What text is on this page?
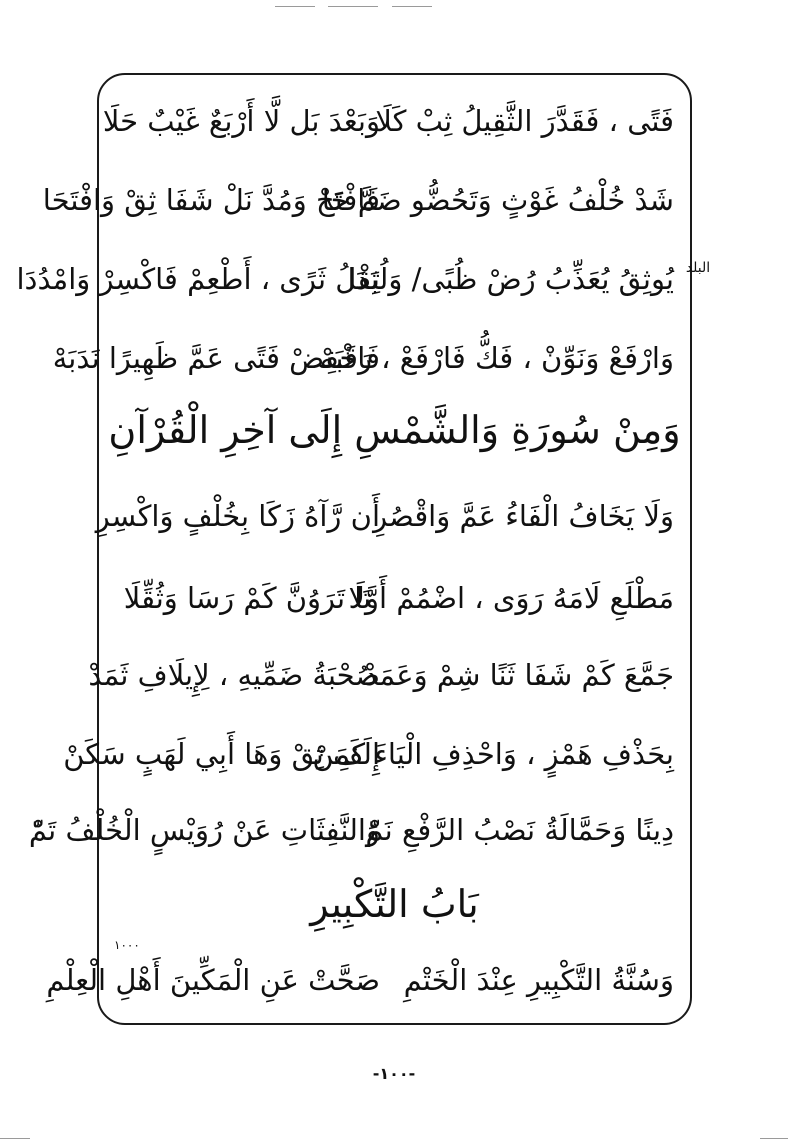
البلد
فَتًى ، فَقَدَّرَ الثَّقِيلُ ثِبْ كَلَا
وَبَعْدَ بَل لَّا أَرْبَعٌ غَيْبٌ حَلَا
شَدْ خُلْفُ غَوْثٍ وَتَحُضُّو ضَمَّ حَا
فَافْتَحْ وَمُدَّ نَلْ شَفَا ثِقْ وَافْتَحَا
يُوثِقُ يُعَذِّبُ رُضْ ظُبًى/ وَلُبَدَا
ثِقْلُ ثَرًى ، أَطْعِمْ فَاكْسِرْ وَامْدُدَا
وَارْفَعْ وَنَوِّنْ ، فَكُّ فَارْفَعْ ، رَقَبَهْ
فَاخْفِضْ فَتًى عَمَّ ظَهِيرًا نَدَبَهْ
وَمِنْ سُورَةِ وَالشَّمْسِ إِلَى آخِرِ الْقُرْآنِ
وَلَا يَخَافُ الْفَاءُ عَمَّ وَاقْصُرِ
أَن رَّآهُ زَكَا بِخُلْفٍ وَاكْسِرِ
مَطْلَعِ لَامَهُ رَوَى ، اضْمُمْ أَوَّلَا
تَا تَرَوُنَّ كَمْ رَسَا وَثُقِّلَا
جَمَّعَ كَمْ شَفَا ثَنًا شِمْ وَعَمَدْ
صُحْبَةُ ضَمِّيهِ ، لِإِيلَافِ ثَمَدْ
بِحَذْفِ هَمْزٍ ، وَاحْذِفِ الْيَاءَ كَمَنْ
إِلَفِ ثِقْ وَهَا أَبِي لَهَبٍ سَكَنْ
دِينًا وَحَمَّالَةُ نَصْبُ الرَّفْعِ نَمّْ
وَالنَّفِثَاتِ عَنْ رُوَيْسٍ الْخُلْفُ تَمّْ
بَابُ التَّكْبِيرِ
١٠٠٠
وَسُنَّةُ التَّكْبِيرِ عِنْدَ الْخَتْمِ
صَحَّتْ عَنِ الْمَكِّينَ أَهْلِ الْعِلْمِ
-١٠٠-
